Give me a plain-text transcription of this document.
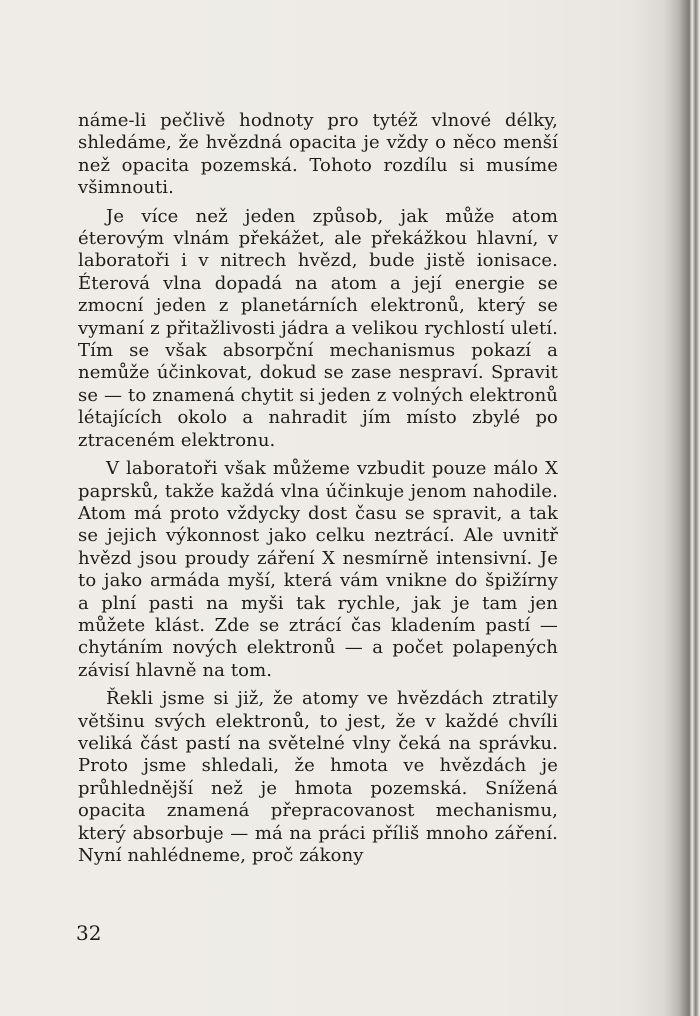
náme-li pečlivě hodnoty pro tytéž vlnové délky, shledáme, že hvězdná opacita je vždy o něco menší než opacita pozemská. Tohoto rozdílu si musíme všimnouti.

Je více než jeden způsob, jak může atom éterovým vlnám překážet, ale překážkou hlavní, v laboratoři i v nitrech hvězd, bude jistě ionisace. Éterová vlna dopadá na atom a její energie se zmocní jeden z planetárních elektronů, který se vymaní z přitažlivosti jádra a velikou rychlostí uletí. Tím se však absorpční mechanismus pokazí a nemůže účinkovat, dokud se zase nespraví. Spravit se — to znamená chytit si jeden z volných elektronů létajících okolo a nahradit jím místo zbylé po ztraceném elektronu.

V laboratoři však můžeme vzbudit pouze málo X paprsků, takže každá vlna účinkuje jenom nahodile. Atom má proto vždycky dost času se spravit, a tak se jejich výkonnost jako celku neztrácí. Ale uvnitř hvězd jsou proudy záření X nesmírně intensivní. Je to jako armáda myší, která vám vnikne do špižírny a plní pasti na myši tak rychle, jak je tam jen můžete klást. Zde se ztrácí čas kladením pastí — chytáním nových elektronů — a počet polapených závisí hlavně na tom.

Řekli jsme si již, že atomy ve hvězdách ztratily většinu svých elektronů, to jest, že v každé chvíli veliká část pastí na světelné vlny čeká na správku. Proto jsme shledali, že hmota ve hvězdách je průhlednější než je hmota pozemská. Snížená opacita znamená přepracovanost mechanismu, který absorbuje — má na práci příliš mnoho záření. Nyní nahlédneme, proč zákony

32
